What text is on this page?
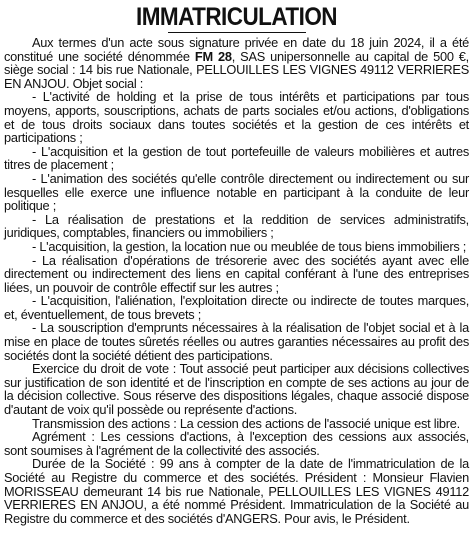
IMMATRICULATION

Aux termes d'un acte sous signature privée en date du 18 juin 2024, il a été constitué une société dénommée FM 28, SAS unipersonnelle au capital de 500 €, siège social : 14 bis rue Nationale, PELLOUILLES LES VIGNES 49112 VERRIERES EN ANJOU. Objet social :

- L'activité de holding et la prise de tous intérêts et participations par tous moyens, apports, souscriptions, achats de parts sociales et/ou actions, d'obligations et de tous droits sociaux dans toutes sociétés et la gestion de ces intérêts et participations ;

- L'acquisition et la gestion de tout portefeuille de valeurs mobilières et autres titres de placement ;

- L'animation des sociétés qu'elle contrôle directement ou indirectement ou sur lesquelles elle exerce une influence notable en participant à la conduite de leur politique ;

- La réalisation de prestations et la reddition de services administratifs, juridiques, comptables, financiers ou immobiliers ;

- L'acquisition, la gestion, la location nue ou meublée de tous biens immobiliers ;

- La réalisation d'opérations de trésorerie avec des sociétés ayant avec elle directement ou indirectement des liens en capital conférant à l'une des entreprises liées, un pouvoir de contrôle effectif sur les autres ;

- L'acquisition, l'aliénation, l'exploitation directe ou indirecte de toutes marques, et, éventuellement, de tous brevets ;

- La souscription d'emprunts nécessaires à la réalisation de l'objet social et à la mise en place de toutes sûretés réelles ou autres garanties nécessaires au profit des sociétés dont la société détient des participations.

Exercice du droit de vote : Tout associé peut participer aux décisions collectives sur justification de son identité et de l'inscription en compte de ses actions au jour de la décision collective. Sous réserve des dispositions légales, chaque associé dispose d'autant de voix qu'il possède ou représente d'actions.

Transmission des actions : La cession des actions de l'associé unique est libre.

Agrément : Les cessions d'actions, à l'exception des cessions aux associés, sont soumises à l'agrément de la collectivité des associés.

Durée de la Société : 99 ans à compter de la date de l'immatriculation de la Société au Registre du commerce et des sociétés. Président : Monsieur Flavien MORISSEAU demeurant 14 bis rue Nationale, PELLOUILLES LES VIGNES 49112 VERRIERES EN ANJOU, a été nommé Président. Immatriculation de la Société au Registre du commerce et des sociétés d'ANGERS. Pour avis, le Président.
